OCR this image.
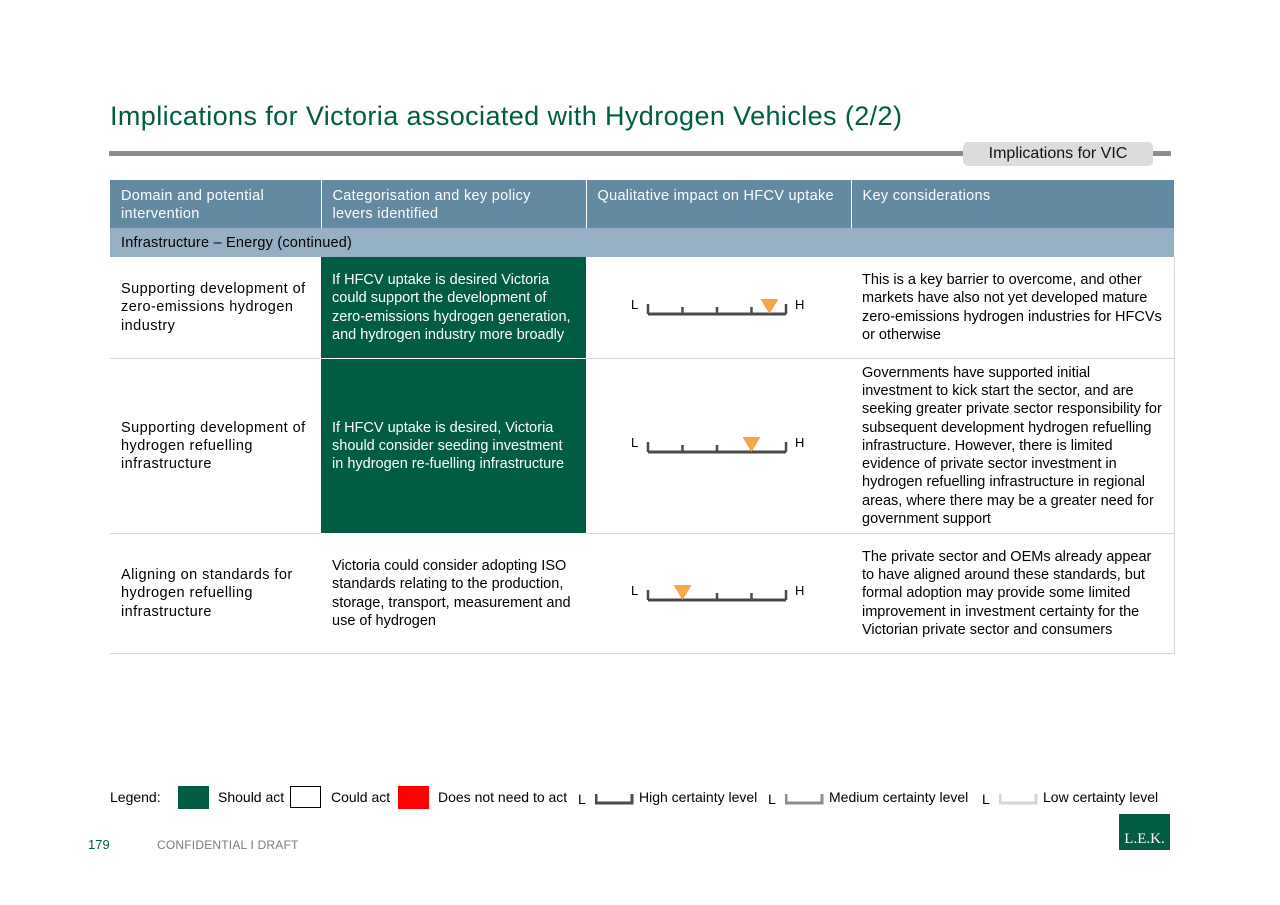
Implications for Victoria associated with Hydrogen Vehicles (2/2)
Implications for VIC
Domain and potential intervention	Categorisation and key policy levers identified	Qualitative impact on HFCV uptake	Key considerations
Infrastructure – Energy (continued)			
Supporting development of zero-emissions hydrogen industry	If HFCV uptake is desired Victoria could support the development of zero-emissions hydrogen generation, and hydrogen industry more broadly	L H	This is a key barrier to overcome, and other markets have also not yet developed mature zero-emissions hydrogen industries for HFCVs or otherwise
Supporting development of hydrogen refuelling infrastructure	If HFCV uptake is desired, Victoria should consider seeding investment in hydrogen re-fuelling infrastructure	L H	Governments have supported initial investment to kick start the sector, and are seeking greater private sector responsibility for subsequent development hydrogen refuelling infrastructure. However, there is limited evidence of private sector investment in hydrogen refuelling infrastructure in regional areas, where there may be a greater need for government support
Aligning on standards for hydrogen refuelling infrastructure	Victoria could consider adopting ISO standards relating to the production, storage, transport, measurement and use of hydrogen	L H	The private sector and OEMs already appear to have aligned around these standards, but formal adoption may provide some limited improvement in investment certainty for the Victorian private sector and consumers
Legend:	Should act	Could act	Does not need to act L	High certainty level L	Medium certainty level L	Low certainty level
179	CONFIDENTIAL I DRAFT	L.E.K.
